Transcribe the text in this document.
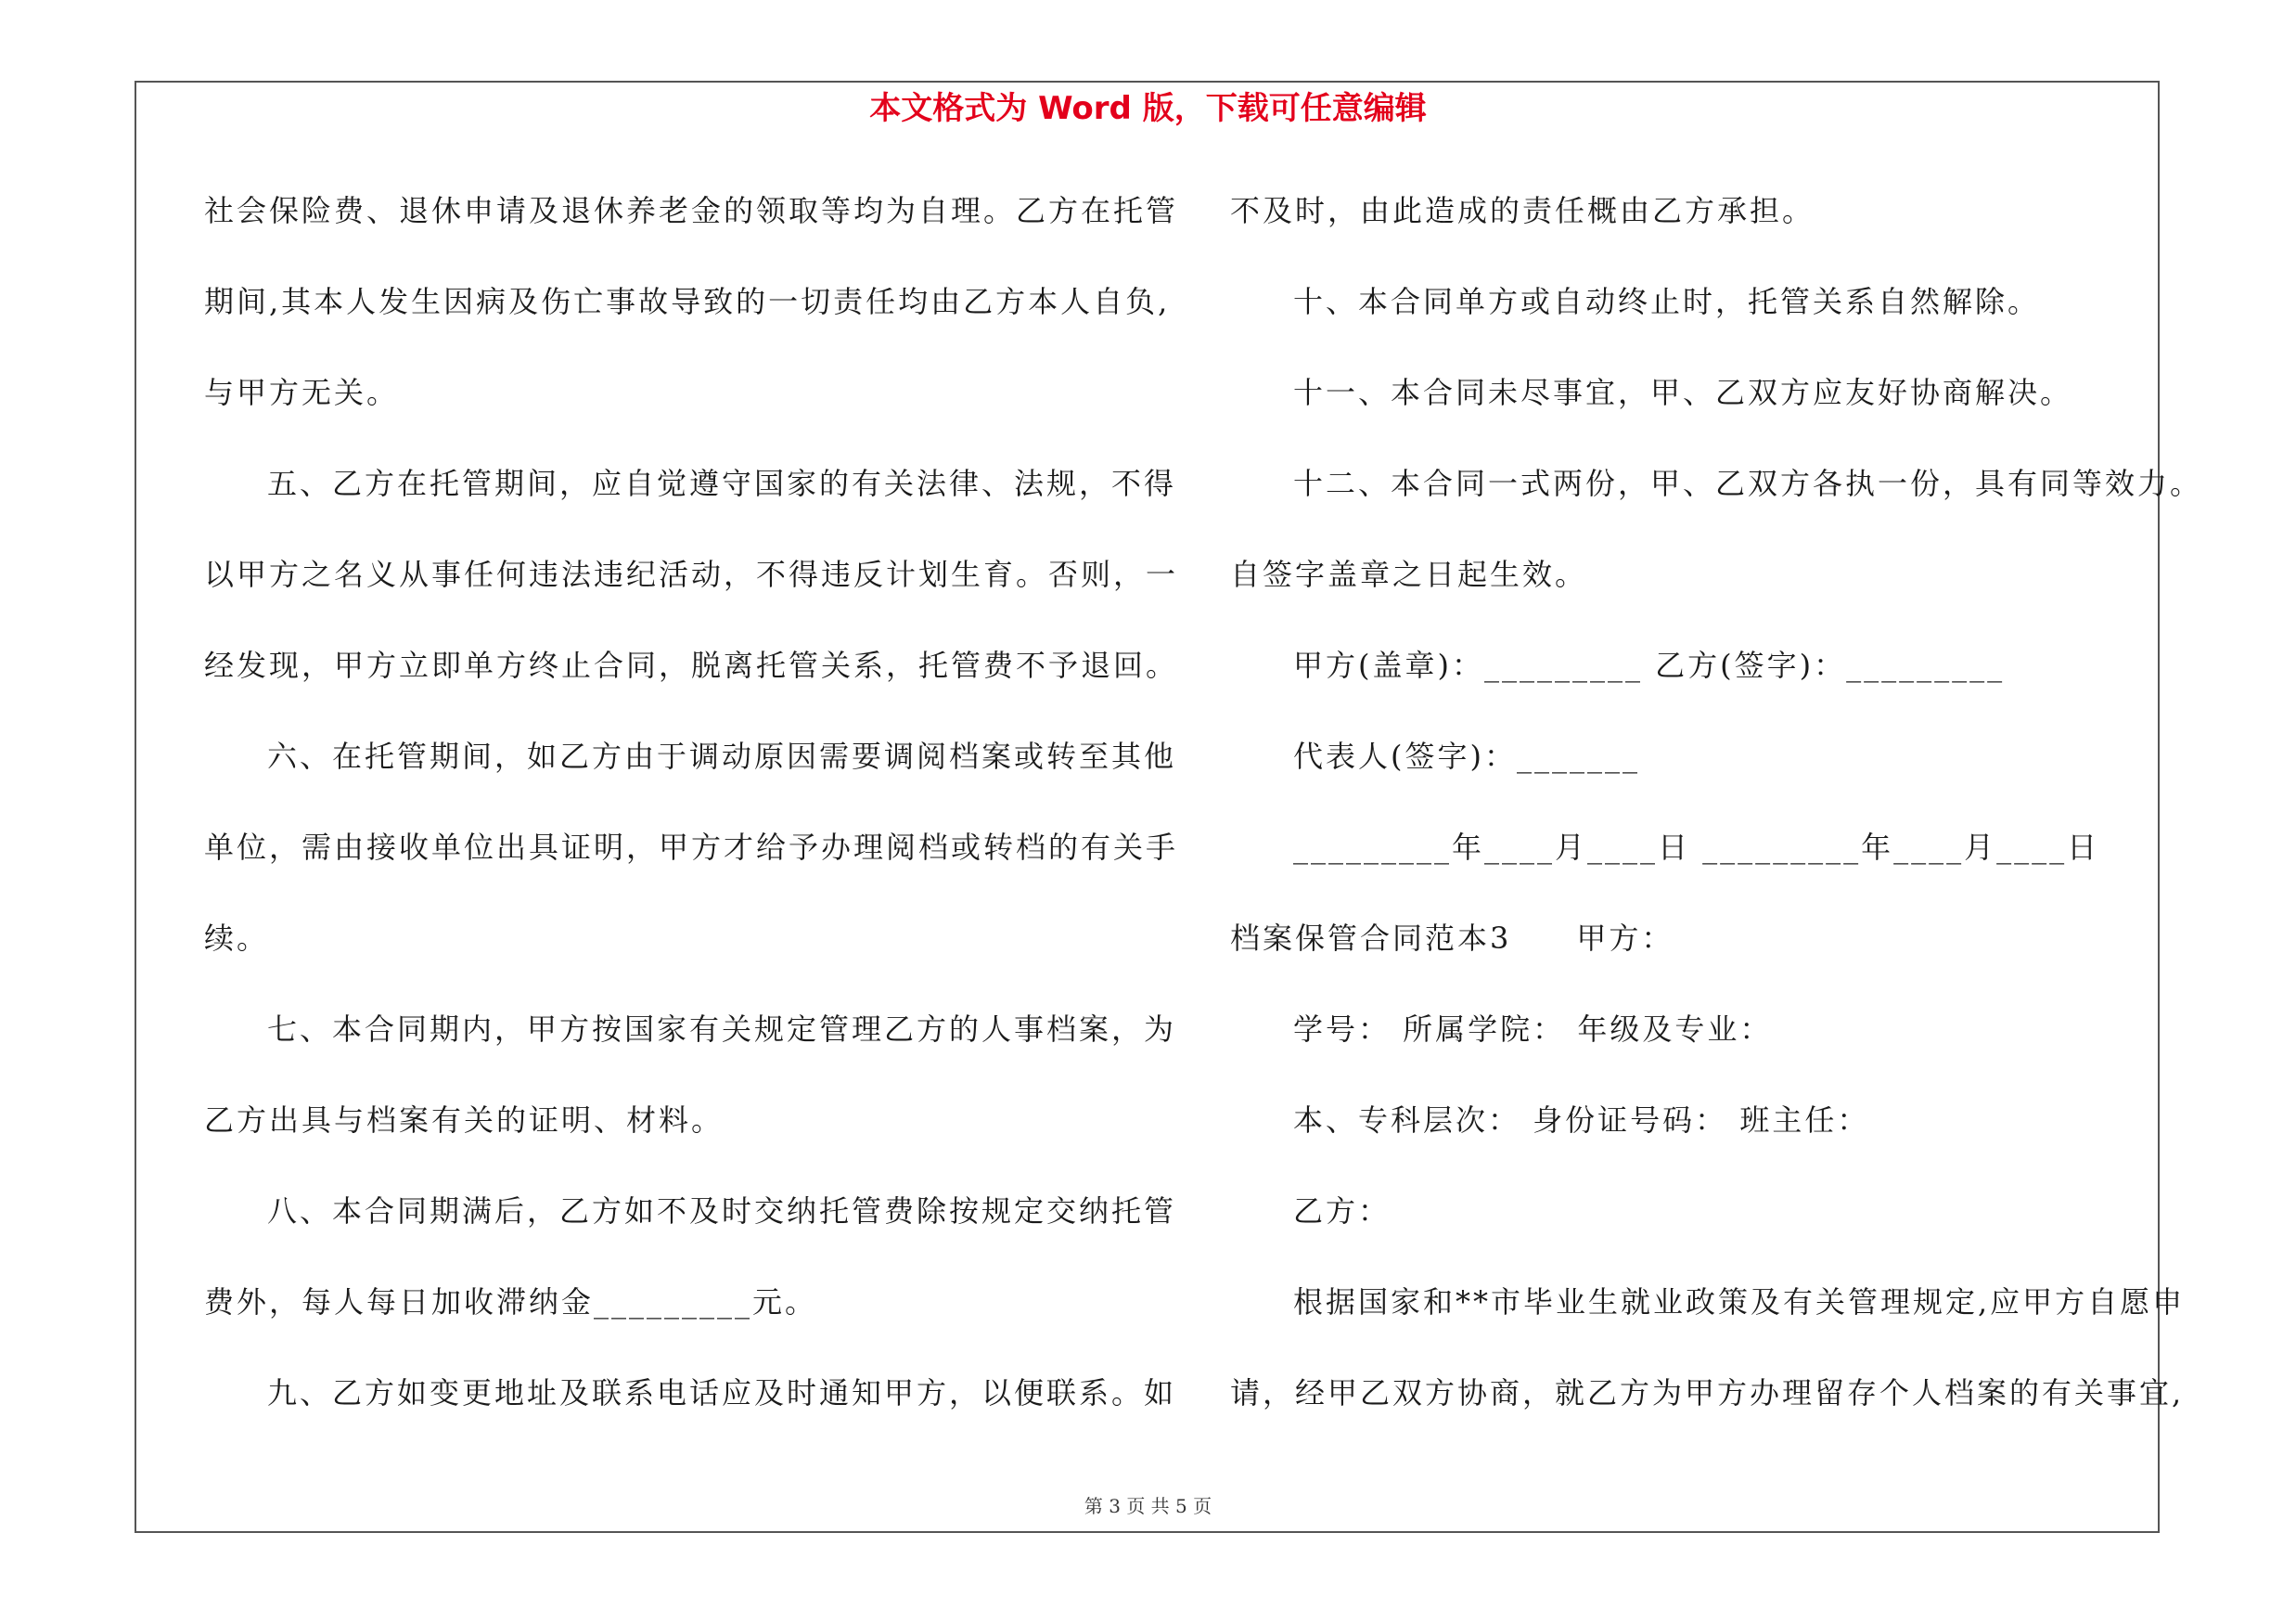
本文格式为 Word 版，下载可任意编辑
社会保险费、退休申请及退休养老金的领取等均为自理。乙方在托管
期间,其本人发生因病及伤亡事故导致的一切责任均由乙方本人自负,
与甲方无关。
五、乙方在托管期间，应自觉遵守国家的有关法律、法规，不得
以甲方之名义从事任何违法违纪活动，不得违反计划生育。否则，一
经发现，甲方立即单方终止合同，脱离托管关系，托管费不予退回。
六、在托管期间，如乙方由于调动原因需要调阅档案或转至其他
单位，需由接收单位出具证明，甲方才给予办理阅档或转档的有关手
续。
七、本合同期内，甲方按国家有关规定管理乙方的人事档案，为
乙方出具与档案有关的证明、材料。
八、本合同期满后，乙方如不及时交纳托管费除按规定交纳托管
费外，每人每日加收滞纳金_________元。
九、乙方如变更地址及联系电话应及时通知甲方，以便联系。如
不及时，由此造成的责任概由乙方承担。
十、本合同单方或自动终止时，托管关系自然解除。
十一、本合同未尽事宜，甲、乙双方应友好协商解决。
十二、本合同一式两份，甲、乙双方各执一份，具有同等效力。
自签字盖章之日起生效。
甲方(盖章)：_________ 乙方(签字)：_________
代表人(签字)：_______
_________年____月____日 _________年____月____日
档案保管合同范本3　　甲方：
学号： 所属学院： 年级及专业：
本、专科层次： 身份证号码： 班主任：
乙方：
根据国家和**市毕业生就业政策及有关管理规定,应甲方自愿申
请，经甲乙双方协商，就乙方为甲方办理留存个人档案的有关事宜,
第 3 页 共 5 页
